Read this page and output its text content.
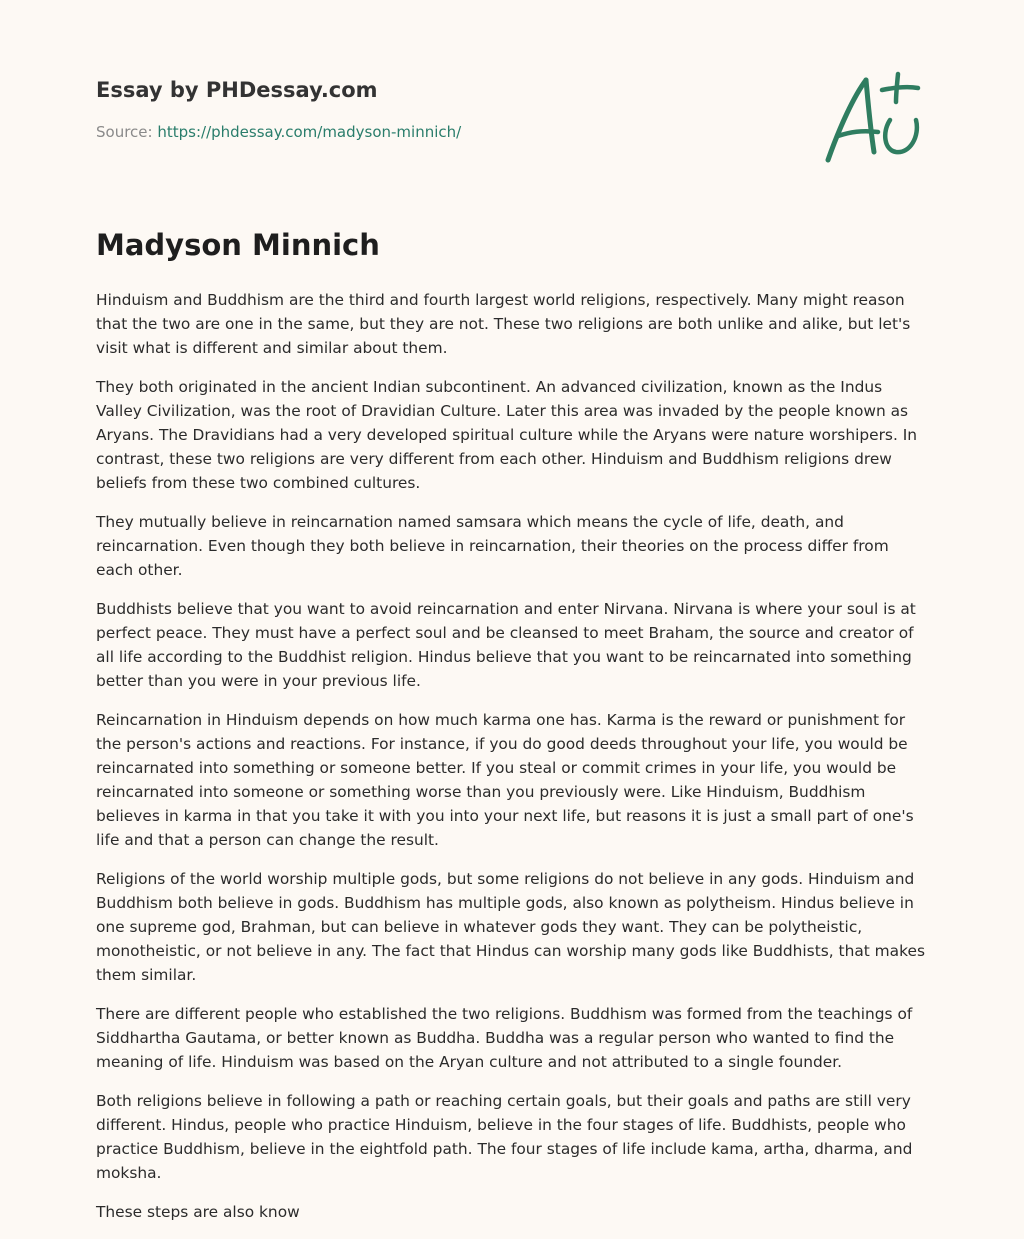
Essay by PHDessay.com
Source: https://phdessay.com/madyson-minnich/
Madyson Minnich

Hinduism and Buddhism are the third and fourth largest world religions, respectively. Many might reason that the two are one in the same, but they are not. These two religions are both unlike and alike, but let's visit what is different and similar about them.

They both originated in the ancient Indian subcontinent. An advanced civilization, known as the Indus Valley Civilization, was the root of Dravidian Culture. Later this area was invaded by the people known as Aryans. The Dravidians had a very developed spiritual culture while the Aryans were nature worshipers. In contrast, these two religions are very different from each other. Hinduism and Buddhism religions drew beliefs from these two combined cultures.

They mutually believe in reincarnation named samsara which means the cycle of life, death, and reincarnation. Even though they both believe in reincarnation, their theories on the process differ from each other.

Buddhists believe that you want to avoid reincarnation and enter Nirvana. Nirvana is where your soul is at perfect peace. They must have a perfect soul and be cleansed to meet Braham, the source and creator of all life according to the Buddhist religion. Hindus believe that you want to be reincarnated into something better than you were in your previous life.

Reincarnation in Hinduism depends on how much karma one has. Karma is the reward or punishment for the person's actions and reactions. For instance, if you do good deeds throughout your life, you would be reincarnated into something or someone better. If you steal or commit crimes in your life, you would be reincarnated into someone or something worse than you previously were. Like Hinduism, Buddhism believes in karma in that you take it with you into your next life, but reasons it is just a small part of one's life and that a person can change the result.

Religions of the world worship multiple gods, but some religions do not believe in any gods. Hinduism and Buddhism both believe in gods. Buddhism has multiple gods, also known as polytheism. Hindus believe in one supreme god, Brahman, but can believe in whatever gods they want. They can be polytheistic, monotheistic, or not believe in any. The fact that Hindus can worship many gods like Buddhists, that makes them similar.

There are different people who established the two religions. Buddhism was formed from the teachings of Siddhartha Gautama, or better known as Buddha. Buddha was a regular person who wanted to find the meaning of life. Hinduism was based on the Aryan culture and not attributed to a single founder.

Both religions believe in following a path or reaching certain goals, but their goals and paths are still very different. Hindus, people who practice Hinduism, believe in the four stages of life. Buddhists, people who practice Buddhism, believe in the eightfold path. The four stages of life include kama, artha, dharma, and moksha.

These steps are also know
